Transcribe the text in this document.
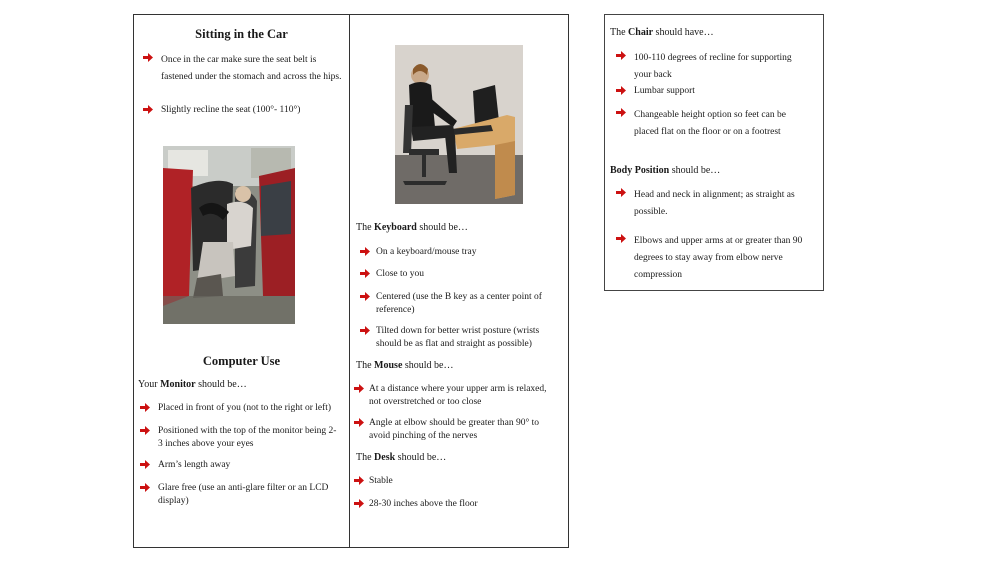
Sitting in the Car
Once in the car make sure the seat belt is fastened under the stomach and across the hips.
Slightly recline the seat (100°- 110°)
Computer Use
Your Monitor should be…
Placed in front of you (not to the right or left)
Positioned with the top of the monitor being 2-3 inches above your eyes
Arm’s length away
Glare free (use an anti-glare filter or an LCD display)
The Keyboard should be…
On a keyboard/mouse tray
Close to you
Centered (use the B key as a center point of reference)
Tilted down for better wrist posture (wrists should be as flat and straight as possible)
The Mouse should be…
At a distance where your upper arm is relaxed, not overstretched or too close
Angle at elbow should be greater than 90° to avoid pinching of the nerves
The Desk should be…
Stable
28-30 inches above the floor
The Chair should have…
100-110 degrees of recline for supporting your back
Lumbar support
Changeable height option so feet can be placed flat on the floor or on a footrest
Body Position should be…
Head and neck in alignment; as straight as possible.
Elbows and upper arms at or greater than 90 degrees to stay away from elbow nerve compression
